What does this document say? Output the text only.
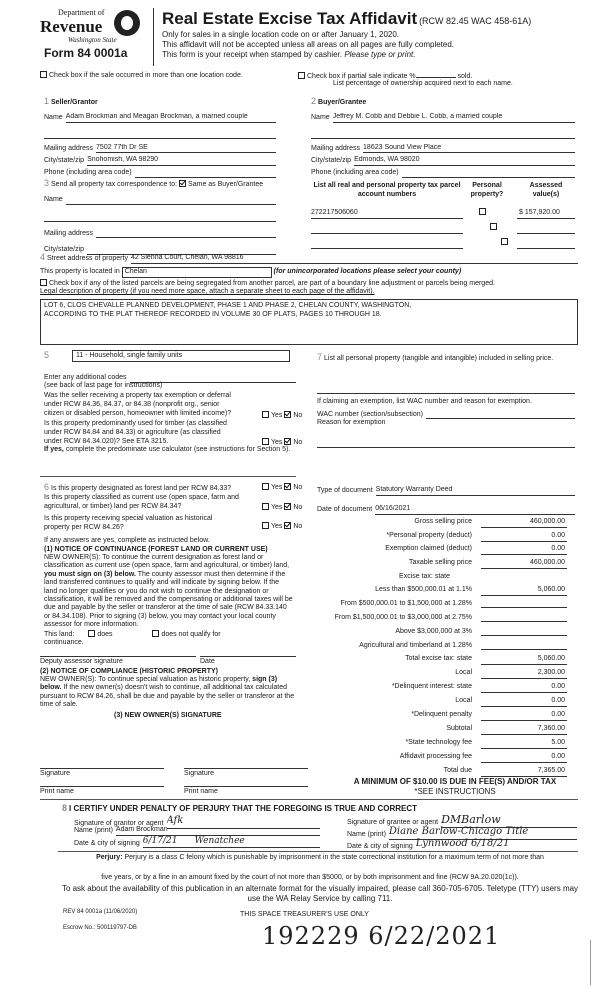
Department of
Revenue
Washington State
Form 84 0001a
Real Estate Excise Tax Affidavit (RCW 82.45 WAC 458-61A)
Only for sales in a single location code on or after January 1, 2020.
This affidavit will not be accepted unless all areas on all pages are fully completed.
This form is your receipt when stamped by cashier. Please type or print.
Check box if the sale occurred in more than one location code.	Check box if partial sale indicate %	sold.
List percentage of ownership acquired next to each name.
1 Seller/Grantor
Name Adam Brockman and Meagan Brockman, a married couple
Mailing address 7502 77th Dr SE
City/state/zip Snohomish, WA 98290
Phone (including area code)
2 Buyer/Grantee
Name Jeffrey M. Cobb and Debbie L. Cobb, a married couple
Mailing address 18623 Sound View Place
City/state/zip Edmonds, WA 98020
Phone (including area code)
3 Send all property tax correspondence to: Same as Buyer/Grantee
Name
Mailing address
City/state/zip
List all real and personal property tax parcel account numbers
Personal property?
Assessed value(s)
272217506060
	$ 157,920.00

4 Street address of property 42 Sienna Court, Chelan, WA 98816
This property is located in Chelan	(for unincorporated locations please select your county)
Check box if any of the listed parcels are being segregated from another parcel, are part of a boundary line adjustment or parcels being merged.
Legal description of property (if you need more space, attach a separate sheet to each page of the affidavit).
LOT 6, CLOS CHEVALLE PLANNED DEVELOPMENT, PHASE 1 AND PHASE 2, CHELAN COUNTY, WASHINGTON,
ACCORDING TO THE PLAT THEREOF RECORDED IN VOLUME 30 OF PLATS, PAGES 10 THROUGH 18.
5	11 - Household, single family units
Enter any additional codes
(see back of last page for instructions)
Was the seller receiving a property tax exemption or deferral under RCW 84.36, 84.37, or 84.38 (nonprofit org., senior citizen or disabled person, homeowner with limited income)?
Is this property predominantly used for timber (as classified under RCW 84.84 and 84.33) or agriculture (as classified under RCW 84.34.020)? See ETA 3215.
If yes, complete the predominate use calculator (see instructions for Section 5).
Yes No
Yes No
7 List all personal property (tangible and intangible) included in selling price.
If claiming an exemption, list WAC number and reason for exemption.
WAC number (section/subsection)
Reason for exemption
6 Is this property designated as forest land per RCW 84.33?
Is this property classified as current use (open space, farm and agricultural, or timber) land per RCW 84.34?
Is this property receiving special valuation as historical property per RCW 84.26?
If any answers are yes, complete as instructed below.
(1) NOTICE OF CONTINUANCE (FOREST LAND OR CURRENT USE)
NEW OWNER(S): To continue the current designation as forest land or classification as current use (open space, farm and agricultural, or timber) land, you must sign on (3) below. The county assessor must then determine if the land transferred continues to qualify and will indicate by signing below. If the land no longer qualifies or you do not wish to continue the designation or classification, it will be removed and the compensating or additional taxes will be due and payable by the seller or transferor at the time of sale (RCW 84.33.140 or 84.34.108). Prior to signing (3) below, you may contact your local county assessor for more information.
This land:	does	does not qualify for
continuance.
Deputy assessor signature	Date
(2) NOTICE OF COMPLIANCE (HISTORIC PROPERTY)
NEW OWNER(S): To continue special valuation as historic property, sign (3) below. If the new owner(s) doesn't wish to continue, all additional tax calculated pursuant to RCW 84.26, shall be due and payable by the seller or transferor at the time of sale.
(3) NEW OWNER(S) SIGNATURE
Yes No
Yes No
Yes No
Signature	Signature
Print name	Print name
Type of document Statutory Warranty Deed
Date of document 06/16/2021
Gross selling price	460,000.00
*Personal property (deduct)	0.00
Exemption claimed (deduct)	0.00
Taxable selling price	460,000.00
Excise tax: state
Less than $500,000.01 at 1.1%	5,060.00
From $500,000.01 to $1,500,000 at 1.28%
From $1,500,000.01 to $3,000,000 at 2.75%
Above $3,000,000 at 3%
Agricultural and timberland at 1.28%
Total excise tax: state	5,060.00
Local	2,300.00
*Delinquent interest: state	0.00
Local	0.00
*Delinquent penalty	0.00
Subtotal	7,360.00
*State technology fee	5.00
Affidavit processing fee	0.00
Total due	7,365.00
A MINIMUM OF $10.00 IS DUE IN FEE(S) AND/OR TAX
*SEE INSTRUCTIONS
8 I CERTIFY UNDER PENALTY OF PERJURY THAT THE FOREGOING IS TRUE AND CORRECT
Signature of grantor or agent Afk
Name (print) Adam Brockman
Date & city of signing 6/17/21 Wenatchee
Signature of grantee or agent DMBarlow
Name (print) Diane Barlow-Chicago Title
Date & city of signing Lynnwood 6/18/21
Perjury: Perjury is a class C felony which is punishable by imprisonment in the state correctional institution for a maximum term of not more than
five years, or by a fine in an amount fixed by the court of not more than $5000, or by both imprisonment and fine (RCW 9A.20.020(1c)).
To ask about the availability of this publication in an alternate format for the visually impaired, please call 360-705-6705. Teletype (TTY) users may use the WA Relay Service by calling 711.
REV 84 0001a (11/06/2020)
Escrow No.: 500119797-DB
THIS SPACE TREASURER'S USE ONLY
192229 6/22/2021
